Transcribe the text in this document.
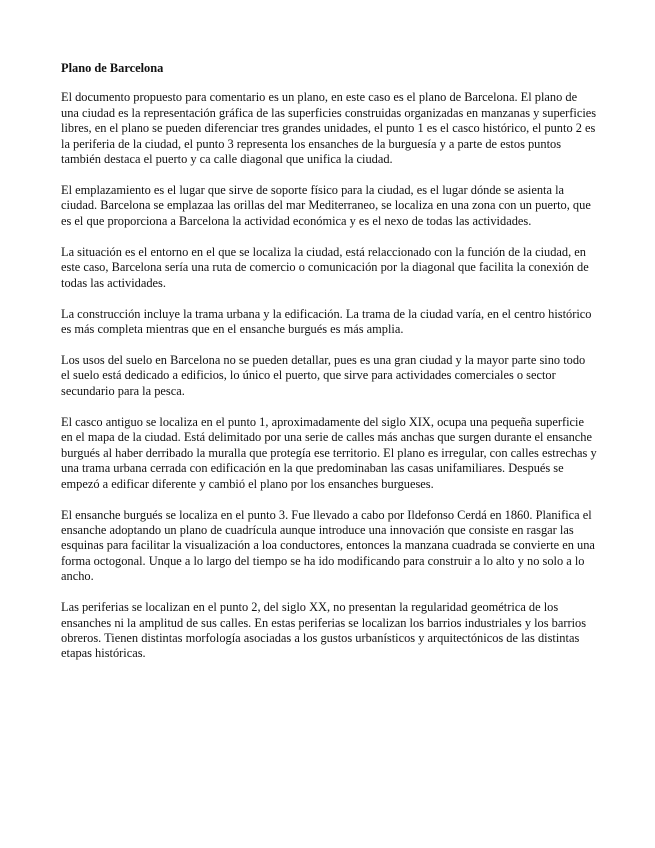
Plano de Barcelona

El documento propuesto para comentario es un plano, en este caso es el plano de Barcelona. El plano de una ciudad es la representación gráfica de las superficies construidas organizadas en manzanas y superficies libres, en el plano se pueden diferenciar tres grandes unidades, el punto 1 es el casco histórico, el punto 2 es la periferia de la ciudad, el punto 3 representa los ensanches de la burguesía y a parte de estos puntos también destaca el puerto y ca calle diagonal que unifica la ciudad.

El emplazamiento es el lugar que sirve de soporte físico para la ciudad, es el lugar dónde se asienta la ciudad. Barcelona se emplazaa las orillas del mar Mediterraneo, se localiza en una zona con un puerto, que es el que proporciona a Barcelona la actividad económica y es el nexo de todas las actividades.

La situación es el entorno en el que se localiza la ciudad, está relaccionado con la función de la ciudad, en este caso, Barcelona sería una ruta de comercio o comunicación por la diagonal que facilita la conexión de todas las actividades.

La construcción incluye la trama urbana y la edificación. La trama de la ciudad varía, en el centro histórico es más completa mientras que en el ensanche burgués es más amplia.

Los usos del suelo en Barcelona no se pueden detallar, pues es una gran ciudad y la mayor parte sino todo el suelo está dedicado a edificios, lo único el puerto, que sirve para actividades comerciales o sector secundario para la pesca.

El casco antiguo se localiza en el punto 1, aproximadamente del siglo XIX, ocupa una pequeña superficie en el mapa de la ciudad. Está delimitado por una serie de calles más anchas que surgen durante el ensanche burgués al haber derribado la muralla que protegía ese territorio. El plano es irregular, con calles estrechas y una trama urbana cerrada con edificación en la que predominaban las casas unifamiliares. Después se empezó a edificar diferente y cambió el plano por los ensanches burgueses.

El ensanche burgués se localiza en el punto 3. Fue llevado a cabo por Ildefonso Cerdá en 1860. Planifica el ensanche adoptando un plano de cuadrícula aunque introduce una innovación que consiste en rasgar las esquinas para facilitar la visualización a loa conductores, entonces la manzana cuadrada se convierte en una forma octogonal. Unque a lo largo del tiempo se ha ido modificando para construir a lo alto y no solo a lo ancho.

Las periferias se localizan en el punto 2, del siglo XX, no presentan la regularidad geométrica de los ensanches ni la amplitud de sus calles. En estas periferias se localizan los barrios industriales y los barrios obreros. Tienen distintas morfología asociadas a los gustos urbanísticos y arquitectónicos de las distintas etapas históricas.
